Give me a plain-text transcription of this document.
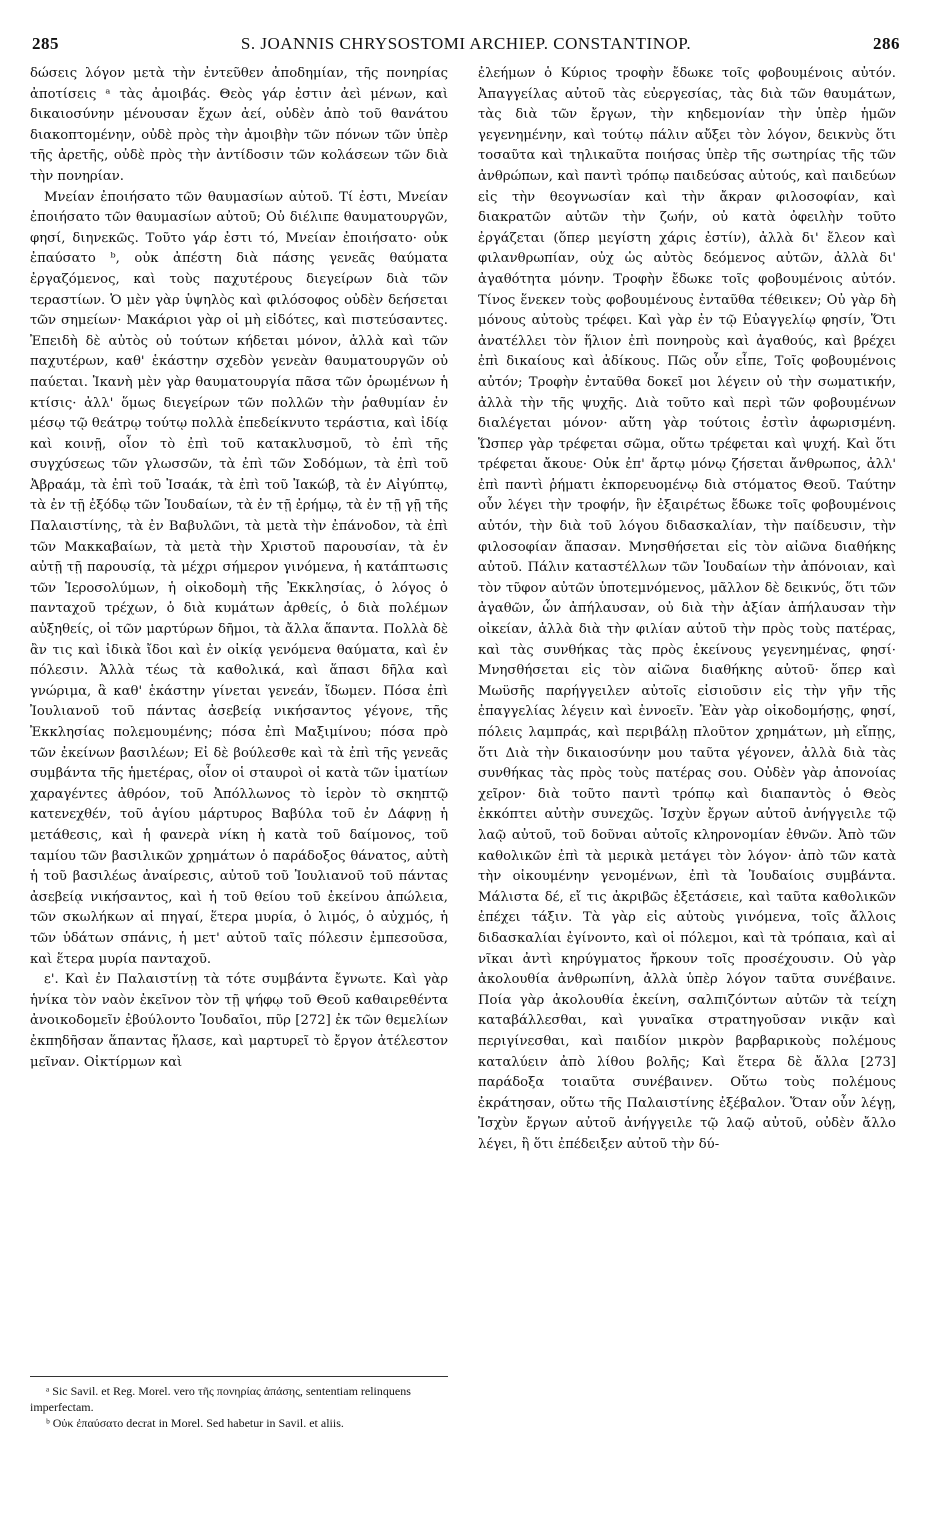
285	S. JOANNIS CHRYSOSTOMI ARCHIEP. CONSTANTINOP.	286

δώσεις λόγον μετὰ τὴν ἐντεῦθεν ἀποδημίαν, τῆς πονηρίας ἀποτίσεις ᵃ τὰς ἀμοιβάς. Θεὸς γάρ ἐστιν ἀεὶ μένων, καὶ δικαιοσύνην μένουσαν ἔχων ἀεί, οὐδὲν ἀπὸ τοῦ θανάτου διακοπτομένην, οὐδὲ πρὸς τὴν ἀμοιβὴν τῶν πόνων τῶν ὑπὲρ τῆς ἀρετῆς, οὐδὲ πρὸς τὴν ἀντίδοσιν τῶν κολάσεων τῶν διὰ τὴν πονηρίαν.

Μνείαν ἐποιήσατο τῶν θαυμασίων αὐτοῦ. Τί ἐστι, Μνείαν ἐποιήσατο τῶν θαυμασίων αὐτοῦ; Οὐ διέλιπε θαυματουργῶν, φησί, διηνεκῶς. Τοῦτο γάρ ἐστι τό, Μνείαν ἐποιήσατο· οὐκ ἐπαύσατο ᵇ, οὐκ ἀπέστη διὰ πάσης γενεᾶς θαύματα ἐργαζόμενος, καὶ τοὺς παχυτέρους διεγείρων διὰ τῶν τεραστίων. Ὁ μὲν γὰρ ὑψηλὸς καὶ φιλόσοφος οὐδὲν δεήσεται τῶν σημείων· Μακάριοι γὰρ οἱ μὴ εἰδότες, καὶ πιστεύσαντες. Ἐπειδὴ δὲ αὐτὸς οὐ τούτων κήδεται μόνον, ἀλλὰ καὶ τῶν παχυτέρων, καθ' ἑκάστην σχεδὸν γενεὰν θαυματουργῶν οὐ παύεται. Ἱκανὴ μὲν γὰρ θαυματουργία πᾶσα τῶν ὁρωμένων ἡ κτίσις· ἀλλ' ὅμως διεγείρων τῶν πολλῶν τὴν ῥαθυμίαν ἐν μέσῳ τῷ θεάτρῳ τούτῳ πολλὰ ἐπεδείκνυτο τεράστια, καὶ ἰδίᾳ καὶ κοινῇ, οἷον τὸ ἐπὶ τοῦ κατακλυσμοῦ, τὸ ἐπὶ τῆς συγχύσεως τῶν γλωσσῶν, τὰ ἐπὶ τῶν Σοδόμων, τὰ ἐπὶ τοῦ Ἀβραάμ, τὰ ἐπὶ τοῦ Ἰσαάκ, τὰ ἐπὶ τοῦ Ἰακώβ, τὰ ἐν Αἰγύπτῳ, τὰ ἐν τῇ ἐξόδῳ τῶν Ἰουδαίων, τὰ ἐν τῇ ἐρήμῳ, τὰ ἐν τῇ γῇ τῆς Παλαιστίνης, τὰ ἐν Βαβυλῶνι, τὰ μετὰ τὴν ἐπάνοδον, τὰ ἐπὶ τῶν Μακκαβαίων, τὰ μετὰ τὴν Χριστοῦ παρουσίαν, τὰ ἐν αὐτῇ τῇ παρουσίᾳ, τὰ μέχρι σήμερον γινόμενα, ἡ κατάπτωσις τῶν Ἱεροσολύμων, ἡ οἰκοδομὴ τῆς Ἐκκλησίας, ὁ λόγος ὁ πανταχοῦ τρέχων, ὁ διὰ κυμάτων ἀρθείς, ὁ διὰ πολέμων αὐξηθείς, οἱ τῶν μαρτύρων δῆμοι, τὰ ἄλλα ἅπαντα. Πολλὰ δὲ ἂν τις καὶ ἰδικὰ ἴδοι καὶ ἐν οἰκίᾳ γενόμενα θαύματα, καὶ ἐν πόλεσιν. Ἀλλὰ τέως τὰ καθολικά, καὶ ἅπασι δῆλα καὶ γνώριμα, ἃ καθ' ἑκάστην γίνεται γενεάν, ἴδωμεν. Πόσα ἐπὶ Ἰουλιανοῦ τοῦ πάντας ἀσεβείᾳ νικήσαντος γέγονε, τῆς Ἐκκλησίας πολεμουμένης; πόσα ἐπὶ Μαξιμίνου; πόσα πρὸ τῶν ἐκείνων βασιλέων; Εἰ δὲ βούλεσθε καὶ τὰ ἐπὶ τῆς γενεᾶς συμβάντα τῆς ἡμετέρας, οἷον οἱ σταυροὶ οἱ κατὰ τῶν ἱματίων χαραγέντες ἀθρόον, τοῦ Ἀπόλλωνος τὸ ἱερὸν τὸ σκηπτῷ κατενεχθέν, τοῦ ἁγίου μάρτυρος Βαβύλα τοῦ ἐν Δάφνῃ ἡ μετάθεσις, καὶ ἡ φανερὰ νίκη ἡ κατὰ τοῦ δαίμονος, τοῦ ταμίου τῶν βασιλικῶν χρημάτων ὁ παράδοξος θάνατος, αὐτὴ ἡ τοῦ βασιλέως ἀναίρεσις, αὐτοῦ τοῦ Ἰουλιανοῦ τοῦ πάντας ἀσεβείᾳ νικήσαντος, καὶ ἡ τοῦ θείου τοῦ ἐκείνου ἀπώλεια, τῶν σκωλήκων αἱ πηγαί, ἕτερα μυρία, ὁ λιμός, ὁ αὐχμός, ἡ τῶν ὑδάτων σπάνις, ἡ μετ' αὐτοῦ ταῖς πόλεσιν ἐμπεσοῦσα, καὶ ἕτερα μυρία πανταχοῦ.

ε'. Καὶ ἐν Παλαιστίνῃ τὰ τότε συμβάντα ἔγνωτε. Καὶ γὰρ ἡνίκα τὸν ναὸν ἐκεῖνον τὸν τῇ ψήφῳ τοῦ Θεοῦ καθαιρεθέντα ἀνοικοδομεῖν ἐβούλοντο Ἰουδαῖοι, πῦρ [272] ἐκ τῶν θεμελίων ἐκπηδῆσαν ἅπαντας ἤλασε, καὶ μαρτυρεῖ τὸ ἔργον ἀτέλεστον μεῖναν. Οἰκτίρμων καὶ

ἐλεήμων ὁ Κύριος τροφὴν ἔδωκε τοῖς φοβουμένοις αὐτόν. Ἀπαγγείλας αὐτοῦ τὰς εὐεργεσίας, τὰς διὰ τῶν θαυμάτων, τὰς διὰ τῶν ἔργων, τὴν κηδεμονίαν τὴν ὑπὲρ ἡμῶν γεγενημένην, καὶ τούτῳ πάλιν αὔξει τὸν λόγον, δεικνὺς ὅτι τοσαῦτα καὶ τηλικαῦτα ποιήσας ὑπὲρ τῆς σωτηρίας τῆς τῶν ἀνθρώπων, καὶ παντὶ τρόπῳ παιδεύσας αὐτούς, καὶ παιδεύων εἰς τὴν θεογνωσίαν καὶ τὴν ἄκραν φιλοσοφίαν, καὶ διακρατῶν αὐτῶν τὴν ζωήν, οὐ κατὰ ὀφειλὴν τοῦτο ἐργάζεται (ὅπερ μεγίστη χάρις ἐστίν), ἀλλὰ δι' ἔλεον καὶ φιλανθρωπίαν, οὐχ ὡς αὐτὸς δεόμενος αὐτῶν, ἀλλὰ δι' ἀγαθότητα μόνην. Τροφὴν ἔδωκε τοῖς φοβουμένοις αὐτόν. Τίνος ἕνεκεν τοὺς φοβουμένους ἐνταῦθα τέθεικεν; Οὐ γὰρ δὴ μόνους αὐτοὺς τρέφει. Καὶ γὰρ ἐν τῷ Εὐαγγελίῳ φησίν, Ὅτι ἀνατέλλει τὸν ἥλιον ἐπὶ πονηροὺς καὶ ἀγαθούς, καὶ βρέχει ἐπὶ δικαίους καὶ ἀδίκους. Πῶς οὖν εἶπε, Τοῖς φοβουμένοις αὐτόν; Τροφὴν ἐνταῦθα δοκεῖ μοι λέγειν οὐ τὴν σωματικήν, ἀλλὰ τὴν τῆς ψυχῆς. Διὰ τοῦτο καὶ περὶ τῶν φοβουμένων διαλέγεται μόνον· αὕτη γὰρ τούτοις ἐστὶν ἀφωρισμένη. Ὥσπερ γὰρ τρέφεται σῶμα, οὕτω τρέφεται καὶ ψυχή. Καὶ ὅτι τρέφεται ἄκουε· Οὐκ ἐπ' ἄρτῳ μόνῳ ζήσεται ἄνθρωπος, ἀλλ' ἐπὶ παντὶ ῥήματι ἐκπορευομένῳ διὰ στόματος Θεοῦ. Ταύτην οὖν λέγει τὴν τροφήν, ἣν ἐξαιρέτως ἔδωκε τοῖς φοβουμένοις αὐτόν, τὴν διὰ τοῦ λόγου διδασκαλίαν, τὴν παίδευσιν, τὴν φιλοσοφίαν ἅπασαν. Μνησθήσεται εἰς τὸν αἰῶνα διαθήκης αὐτοῦ. Πάλιν καταστέλλων τῶν Ἰουδαίων τὴν ἀπόνοιαν, καὶ τὸν τῦφον αὐτῶν ὑποτεμνόμενος, μᾶλλον δὲ δεικνύς, ὅτι τῶν ἀγαθῶν, ὧν ἀπήλαυσαν, οὐ διὰ τὴν ἀξίαν ἀπήλαυσαν τὴν οἰκείαν, ἀλλὰ διὰ τὴν φιλίαν αὐτοῦ τὴν πρὸς τοὺς πατέρας, καὶ τὰς συνθήκας τὰς πρὸς ἐκείνους γεγενημένας, φησί· Μνησθήσεται εἰς τὸν αἰῶνα διαθήκης αὐτοῦ· ὅπερ καὶ Μωϋσῆς παρήγγειλεν αὐτοῖς εἰσιοῦσιν εἰς τὴν γῆν τῆς ἐπαγγελίας λέγειν καὶ ἐννοεῖν. Ἐὰν γὰρ οἰκοδομήσῃς, φησί, πόλεις λαμπράς, καὶ περιβάλῃ πλοῦτον χρημάτων, μὴ εἴπῃς, ὅτι Διὰ τὴν δικαιοσύνην μου ταῦτα γέγονεν, ἀλλὰ διὰ τὰς συνθήκας τὰς πρὸς τοὺς πατέρας σου. Οὐδὲν γὰρ ἀπονοίας χεῖρον· διὰ τοῦτο παντὶ τρόπῳ καὶ διαπαντὸς ὁ Θεὸς ἐκκόπτει αὐτὴν συνεχῶς. Ἰσχὺν ἔργων αὐτοῦ ἀνήγγειλε τῷ λαῷ αὐτοῦ, τοῦ δοῦναι αὐτοῖς κληρονομίαν ἐθνῶν. Ἀπὸ τῶν καθολικῶν ἐπὶ τὰ μερικὰ μετάγει τὸν λόγον· ἀπὸ τῶν κατὰ τὴν οἰκουμένην γενομένων, ἐπὶ τὰ Ἰουδαίοις συμβάντα. Μάλιστα δέ, εἴ τις ἀκριβῶς ἐξετάσειε, καὶ ταῦτα καθολικῶν ἐπέχει τάξιν. Τὰ γὰρ εἰς αὐτοὺς γινόμενα, τοῖς ἄλλοις διδασκαλίαι ἐγίνοντο, καὶ οἱ πόλεμοι, καὶ τὰ τρόπαια, καὶ αἱ νῖκαι ἀντὶ κηρύγματος ἤρκουν τοῖς προσέχουσιν. Οὐ γὰρ ἀκολουθία ἀνθρωπίνη, ἀλλὰ ὑπὲρ λόγον ταῦτα συνέβαινε. Ποία γὰρ ἀκολουθία ἐκείνη, σαλπιζόντων αὐτῶν τὰ τείχη καταβάλλεσθαι, καὶ γυναῖκα στρατηγοῦσαν νικᾷν καὶ περιγίνεσθαι, καὶ παιδίον μικρὸν βαρβαρικοὺς πολέμους καταλύειν ἀπὸ λίθου βολῆς; Καὶ ἕτερα δὲ ἄλλα [273] παράδοξα τοιαῦτα συνέβαινεν. Οὕτω τοὺς πολέμους ἐκράτησαν, οὕτω τῆς Παλαιστίνης ἐξέβαλον. Ὅταν οὖν λέγῃ, Ἰσχὺν ἔργων αὐτοῦ ἀνήγγειλε τῷ λαῷ αὐτοῦ, οὐδὲν ἄλλο λέγει, ἢ ὅτι ἐπέδειξεν αὐτοῦ τὴν δύ-

ᵃ Sic Savil. et Reg. Morel. vero τῆς πονηρίας ἀπάσης, sententiam relinquens imperfectam.

ᵇ Οὐκ ἐπαύσατο decrat in Morel. Sed habetur in Savil. et aliis.
